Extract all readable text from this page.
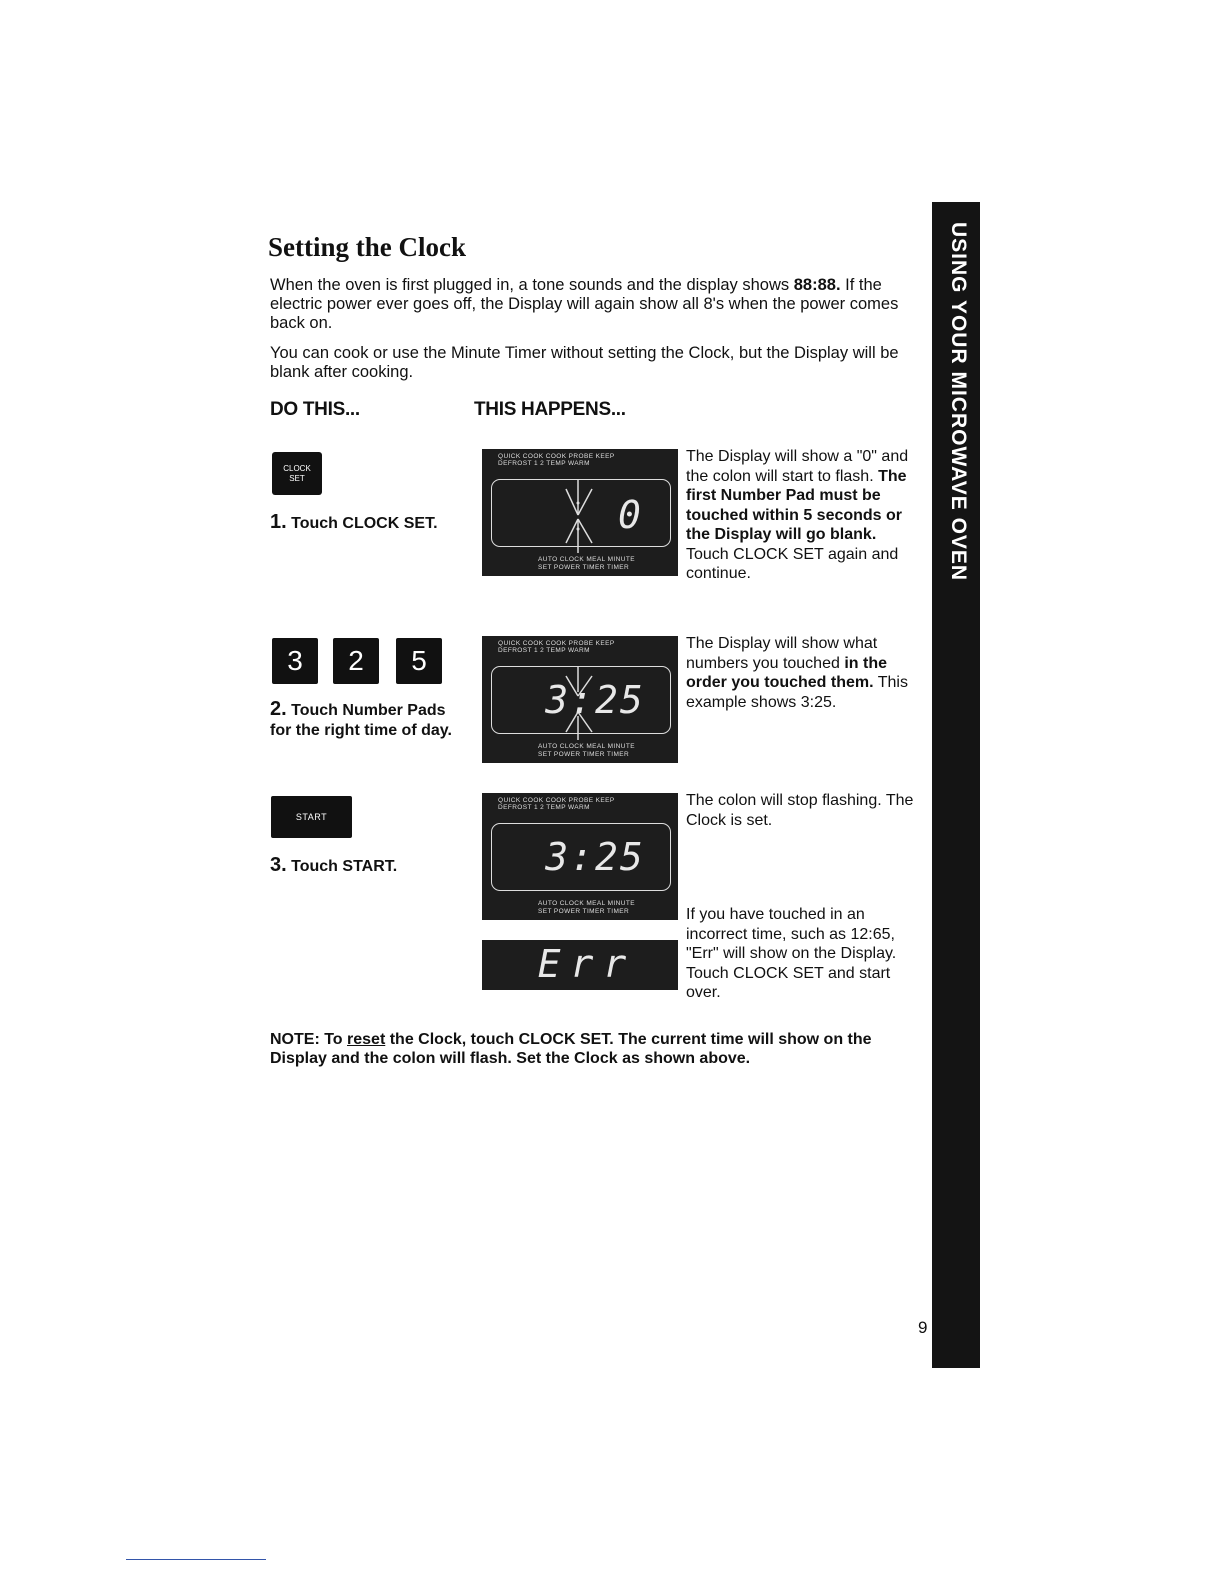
Setting the Clock
When the oven is first plugged in, a tone sounds and the display shows 88:88. If the electric power ever goes off, the Display will again show all 8's when the power comes back on.
You can cook or use the Minute Timer without setting the Clock, but the Display will be blank after cooking.
DO THIS...	THIS HAPPENS...
CLOCK
SET
1. Touch CLOCK SET.
QUICK COOK COOK PROBE KEEP
DEFROST 1 2 TEMP WARM
0
AUTO CLOCK MEAL MINUTE
SET POWER TIMER TIMER
The Display will show a "0" and the colon will start to flash. The first Number Pad must be touched within 5 seconds or the Display will go blank. Touch CLOCK SET again and continue.
3	2	5
2. Touch Number Pads for the right time of day.
QUICK COOK COOK PROBE KEEP
DEFROST 1 2 TEMP WARM
3:25
AUTO CLOCK MEAL MINUTE
SET POWER TIMER TIMER
The Display will show what numbers you touched in the order you touched them. This example shows 3:25.
START
3. Touch START.
QUICK COOK COOK PROBE KEEP
DEFROST 1 2 TEMP WARM
3:25
AUTO CLOCK MEAL MINUTE
SET POWER TIMER TIMER
The colon will stop flashing. The Clock is set.
Err
If you have touched in an incorrect time, such as 12:65, "Err" will show on the Display. Touch CLOCK SET and start over.
NOTE: To reset the Clock, touch CLOCK SET. The current time will show on the Display and the colon will flash. Set the Clock as shown above.
USING YOUR MICROWAVE OVEN
9
